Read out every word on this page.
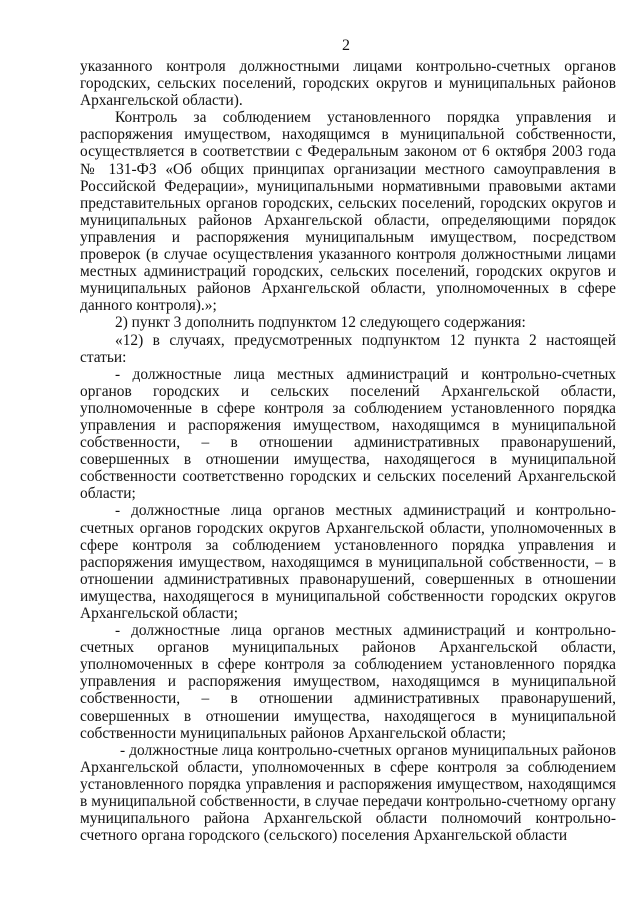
2

указанного контроля должностными лицами контрольно-счетных органов городских, сельских поселений, городских округов и муниципальных районов Архангельской области).

Контроль за соблюдением установленного порядка управления и распоряжения имуществом, находящимся в муниципальной собственности, осуществляется в соответствии с Федеральным законом от 6 октября 2003 года № 131-ФЗ «Об общих принципах организации местного самоуправления в Российской Федерации», муниципальными нормативными правовыми актами представительных органов городских, сельских поселений, городских округов и муниципальных районов Архангельской области, определяющими порядок управления и распоряжения муниципальным имуществом, посредством проверок (в случае осуществления указанного контроля должностными лицами местных администраций городских, сельских поселений, городских округов и муниципальных районов Архангельской области, уполномоченных в сфере данного контроля).»;

2) пункт 3 дополнить подпунктом 12 следующего содержания:

«12) в случаях, предусмотренных подпунктом 12 пункта 2 настоящей статьи:

- должностные лица местных администраций и контрольно-счетных органов городских и сельских поселений Архангельской области, уполномоченные в сфере контроля за соблюдением установленного порядка управления и распоряжения имуществом, находящимся в муниципальной собственности, – в отношении административных правонарушений, совершенных в отношении имущества, находящегося в муниципальной собственности соответственно городских и сельских поселений Архангельской области;

- должностные лица органов местных администраций и контрольно-счетных органов городских округов Архангельской области, уполномоченных в сфере контроля за соблюдением установленного порядка управления и распоряжения имуществом, находящимся в муниципальной собственности, – в отношении административных правонарушений, совершенных в отношении имущества, находящегося в муниципальной собственности городских округов Архангельской области;

- должностные лица органов местных администраций и контрольно-счетных органов муниципальных районов Архангельской области, уполномоченных в сфере контроля за соблюдением установленного порядка управления и распоряжения имуществом, находящимся в муниципальной собственности, – в отношении административных правонарушений, совершенных в отношении имущества, находящегося в муниципальной собственности муниципальных районов Архангельской области;

- должностные лица контрольно-счетных органов муниципальных районов Архангельской области, уполномоченных в сфере контроля за соблюдением установленного порядка управления и распоряжения имуществом, находящимся в муниципальной собственности, в случае передачи контрольно-счетному органу муниципального района Архангельской области полномочий контрольно-счетного органа городского (сельского) поселения Архангельской области
